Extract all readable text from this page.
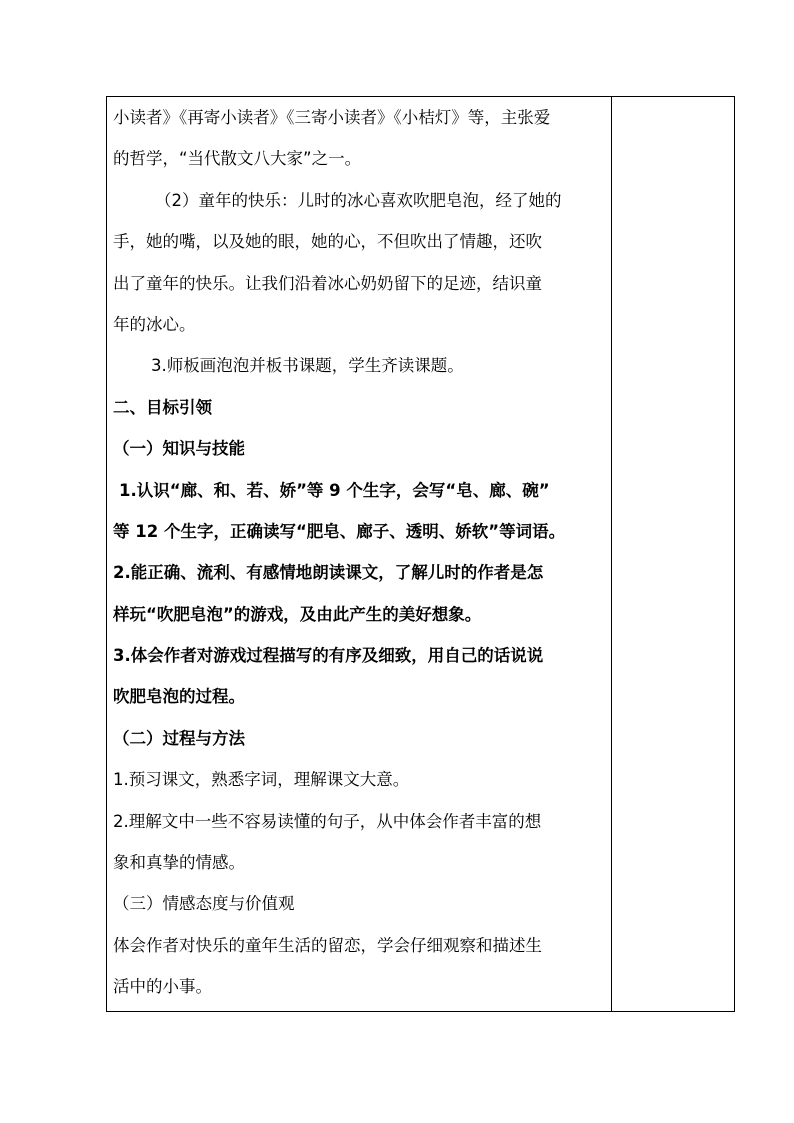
小读者》《再寄小读者》《三寄小读者》《小桔灯》等，主张爱
的哲学，“当代散文八大家”之一。
（2）童年的快乐：儿时的冰心喜欢吹肥皂泡，经了她的
手，她的嘴，以及她的眼，她的心，不但吹出了情趣，还吹
出了童年的快乐。让我们沿着冰心奶奶留下的足迹，结识童
年的冰心。
3.师板画泡泡并板书课题，学生齐读课题。
二、目标引领
（一）知识与技能
1.认识“廊、和、若、娇”等 9 个生字，会写“皂、廊、碗”
等 12 个生字，正确读写“肥皂、廊子、透明、娇软”等词语。
2.能正确、流利、有感情地朗读课文，了解儿时的作者是怎
样玩“吹肥皂泡”的游戏，及由此产生的美好想象。
3.体会作者对游戏过程描写的有序及细致，用自己的话说说
吹肥皂泡的过程。
（二）过程与方法
1.预习课文，熟悉字词，理解课文大意。
2.理解文中一些不容易读懂的句子，从中体会作者丰富的想
象和真挚的情感。
（三）情感态度与价值观
体会作者对快乐的童年生活的留恋，学会仔细观察和描述生
活中的小事。
